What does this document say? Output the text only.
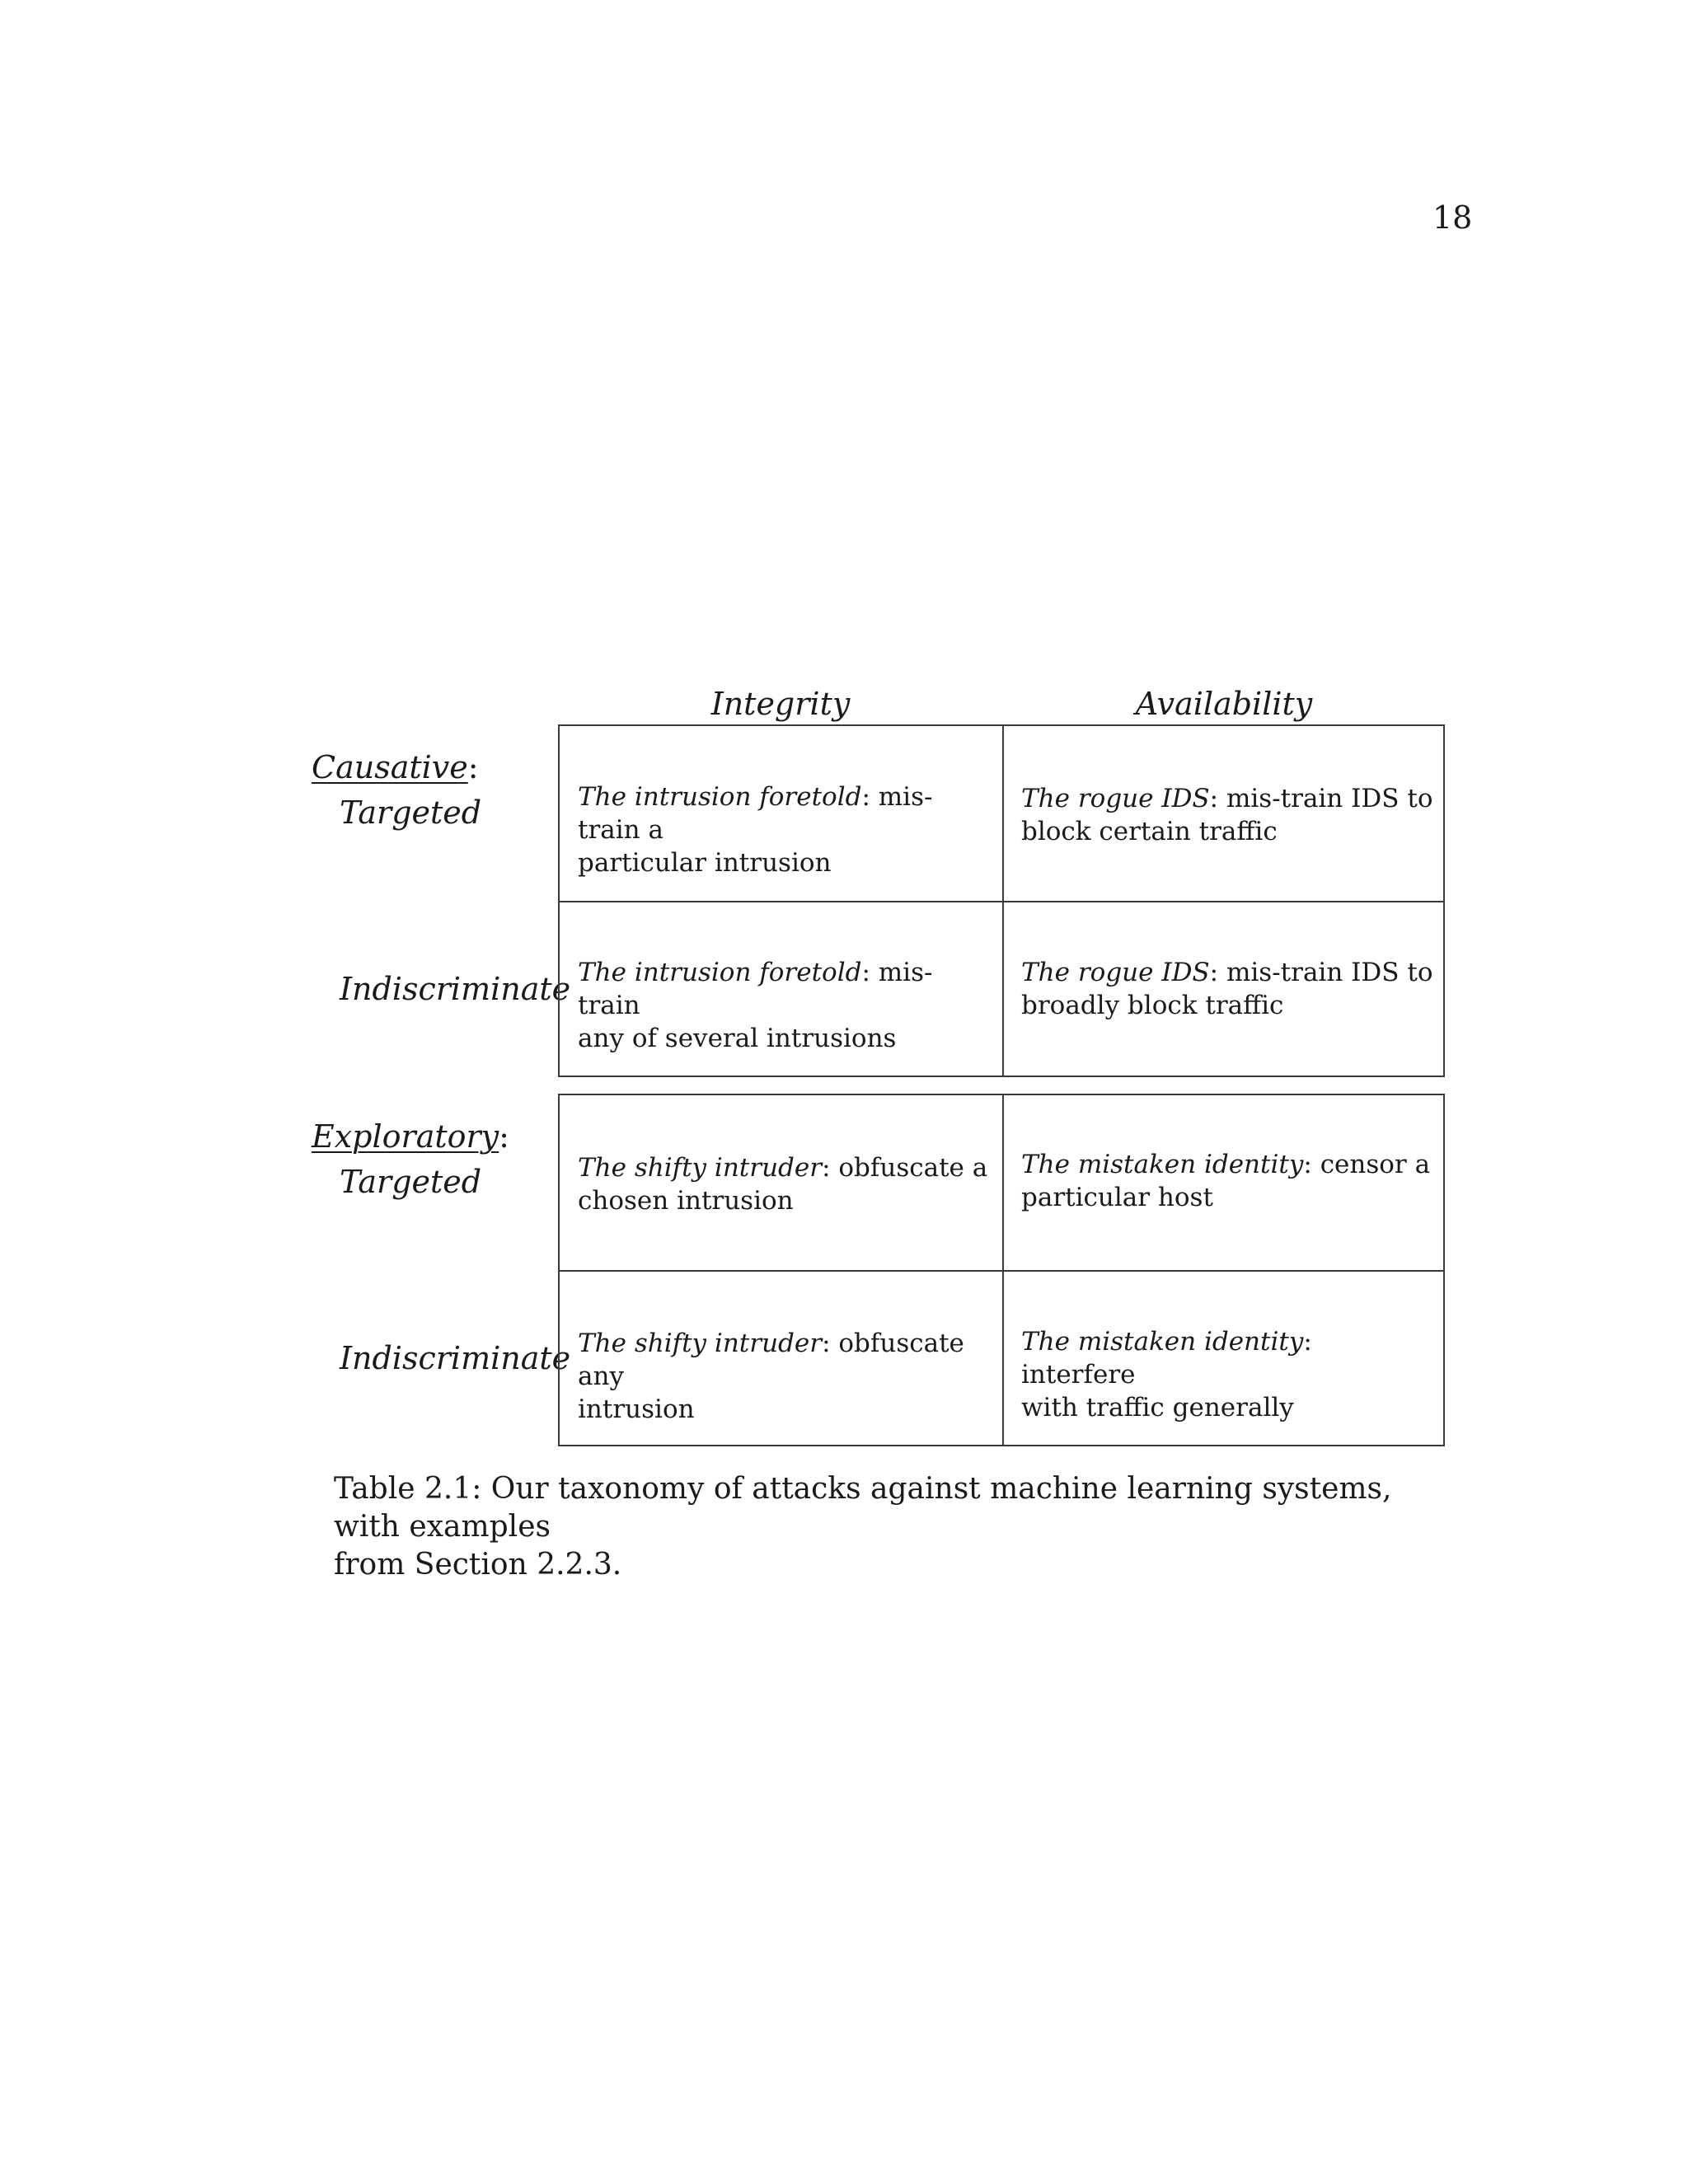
18
Integrity	Availability
Causative:
Targeted
Indiscriminate
The intrusion foretold: mis-train a
particular intrusion
The rogue IDS: mis-train IDS to
block certain traffic
The intrusion foretold: mis-train
any of several intrusions
The rogue IDS: mis-train IDS to
broadly block traffic
Exploratory:
Targeted
Indiscriminate
The shifty intruder: obfuscate a
chosen intrusion
The mistaken identity: censor a
particular host
The shifty intruder: obfuscate any
intrusion
The mistaken identity: interfere
with traffic generally
Table 2.1: Our taxonomy of attacks against machine learning systems, with examples
from Section 2.2.3.
